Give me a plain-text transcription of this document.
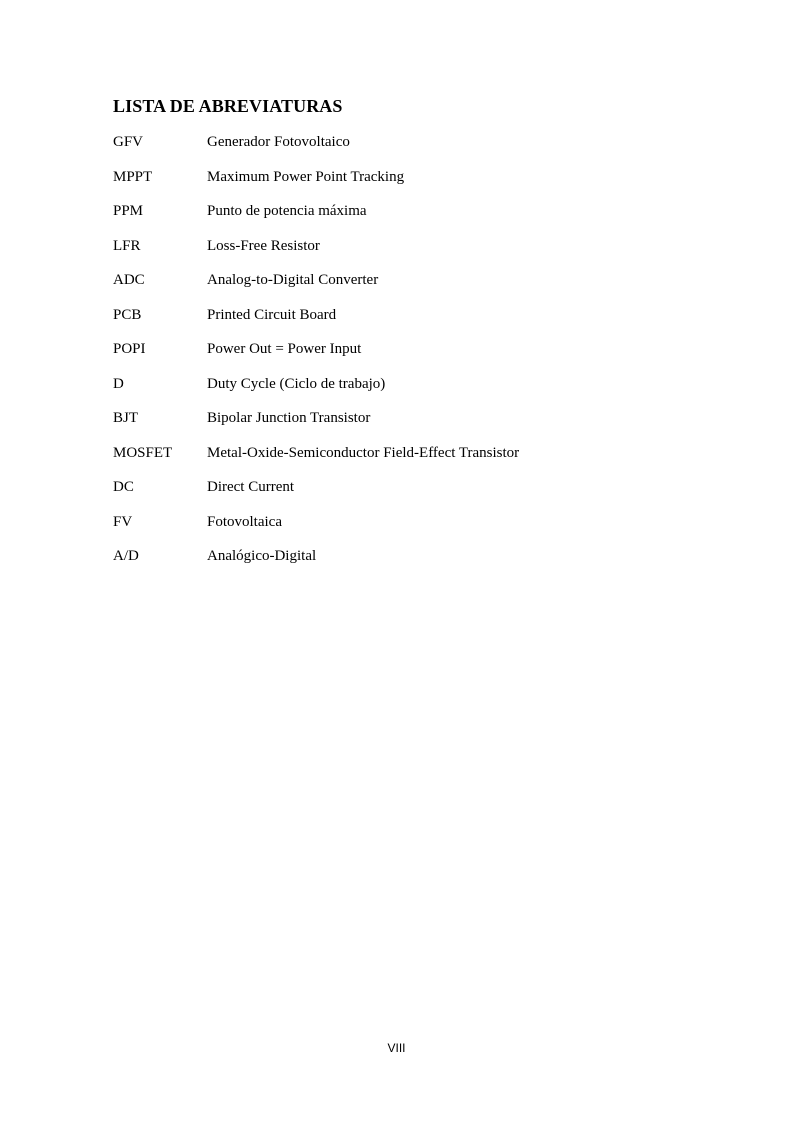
LISTA DE ABREVIATURAS
GFV	Generador Fotovoltaico
MPPT	Maximum Power Point Tracking
PPM	Punto de potencia máxima
LFR	Loss-Free Resistor
ADC	Analog-to-Digital Converter
PCB	Printed Circuit Board
POPI	Power Out = Power Input
D	Duty Cycle (Ciclo de trabajo)
BJT	Bipolar Junction Transistor
MOSFET Metal-Oxide-Semiconductor Field-Effect Transistor
DC	Direct Current
FV	Fotovoltaica
A/D	Analógico-Digital
VIII
